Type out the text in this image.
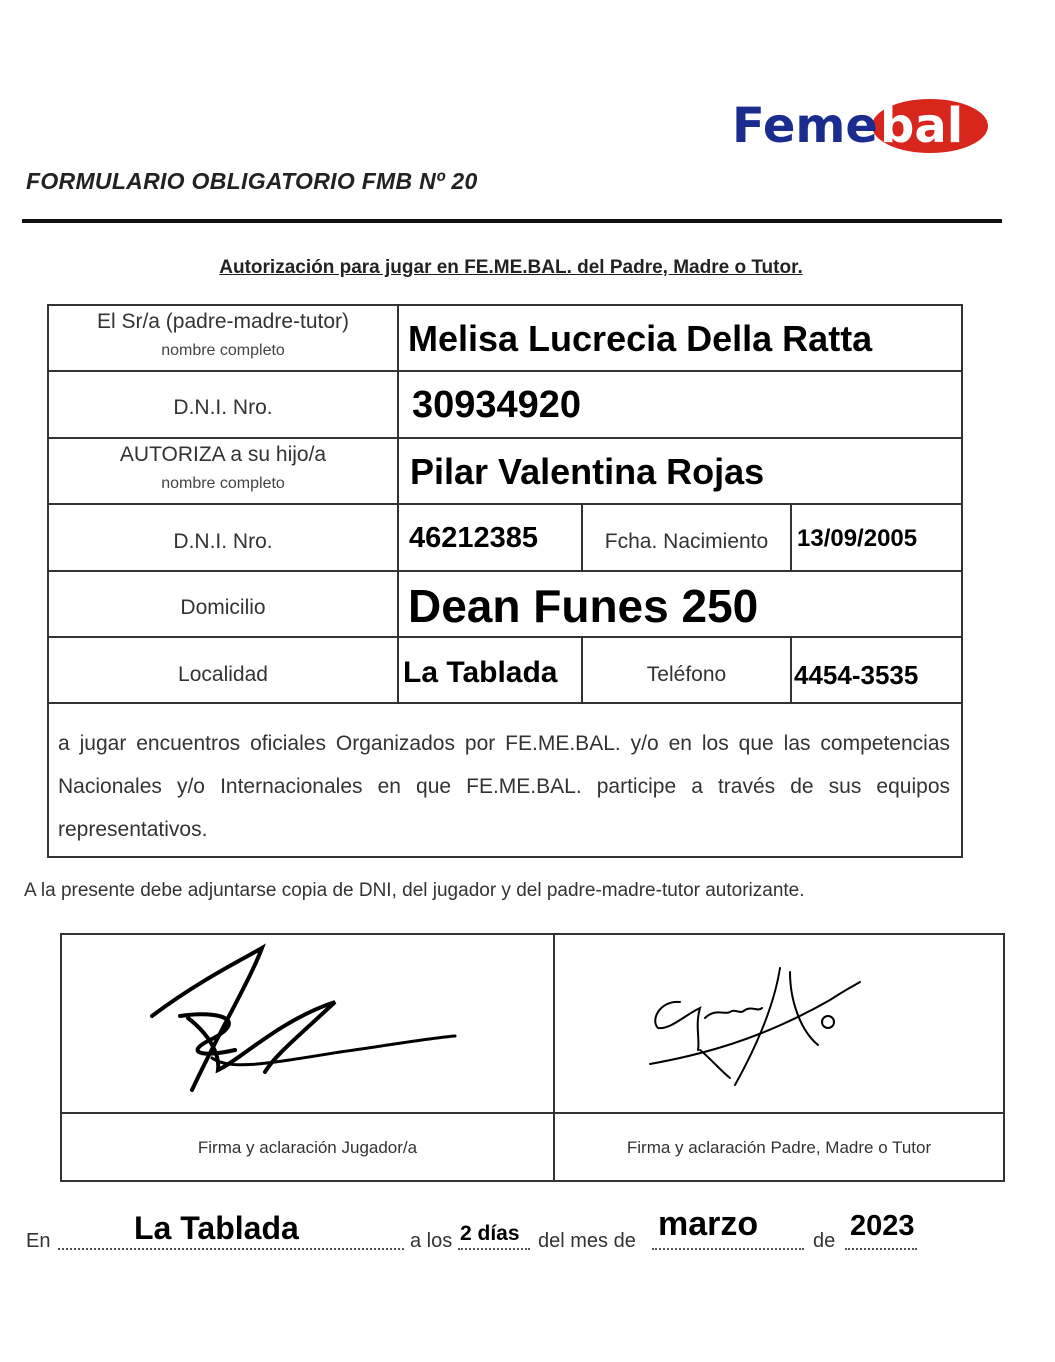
Feme bal
FORMULARIO OBLIGATORIO FMB Nº 20
Autorización para jugar en FE.ME.BAL. del Padre, Madre o Tutor.
El Sr/a (padre-madre-tutor)
nombre completo	Melisa Lucrecia Della Ratta
D.N.I. Nro.	30934920
AUTORIZA a su hijo/a
nombre completo	Pilar Valentina Rojas
D.N.I. Nro.	46212385	Fcha. Nacimiento	13/09/2005
Domicilio	Dean Funes 250
Localidad	La Tablada	Teléfono	4454-3535
a jugar encuentros oficiales Organizados por FE.ME.BAL. y/o en los que las competencias Nacionales y/o Internacionales en que FE.ME.BAL. participe a través de sus equipos representativos.
A la presente debe adjuntarse copia de DNI, del jugador y del padre-madre-tutor autorizante.
Firma y aclaración Jugador/a	Firma y aclaración Padre, Madre o Tutor
En	La Tablada	a los 2 días del mes de marzo	de 2023
